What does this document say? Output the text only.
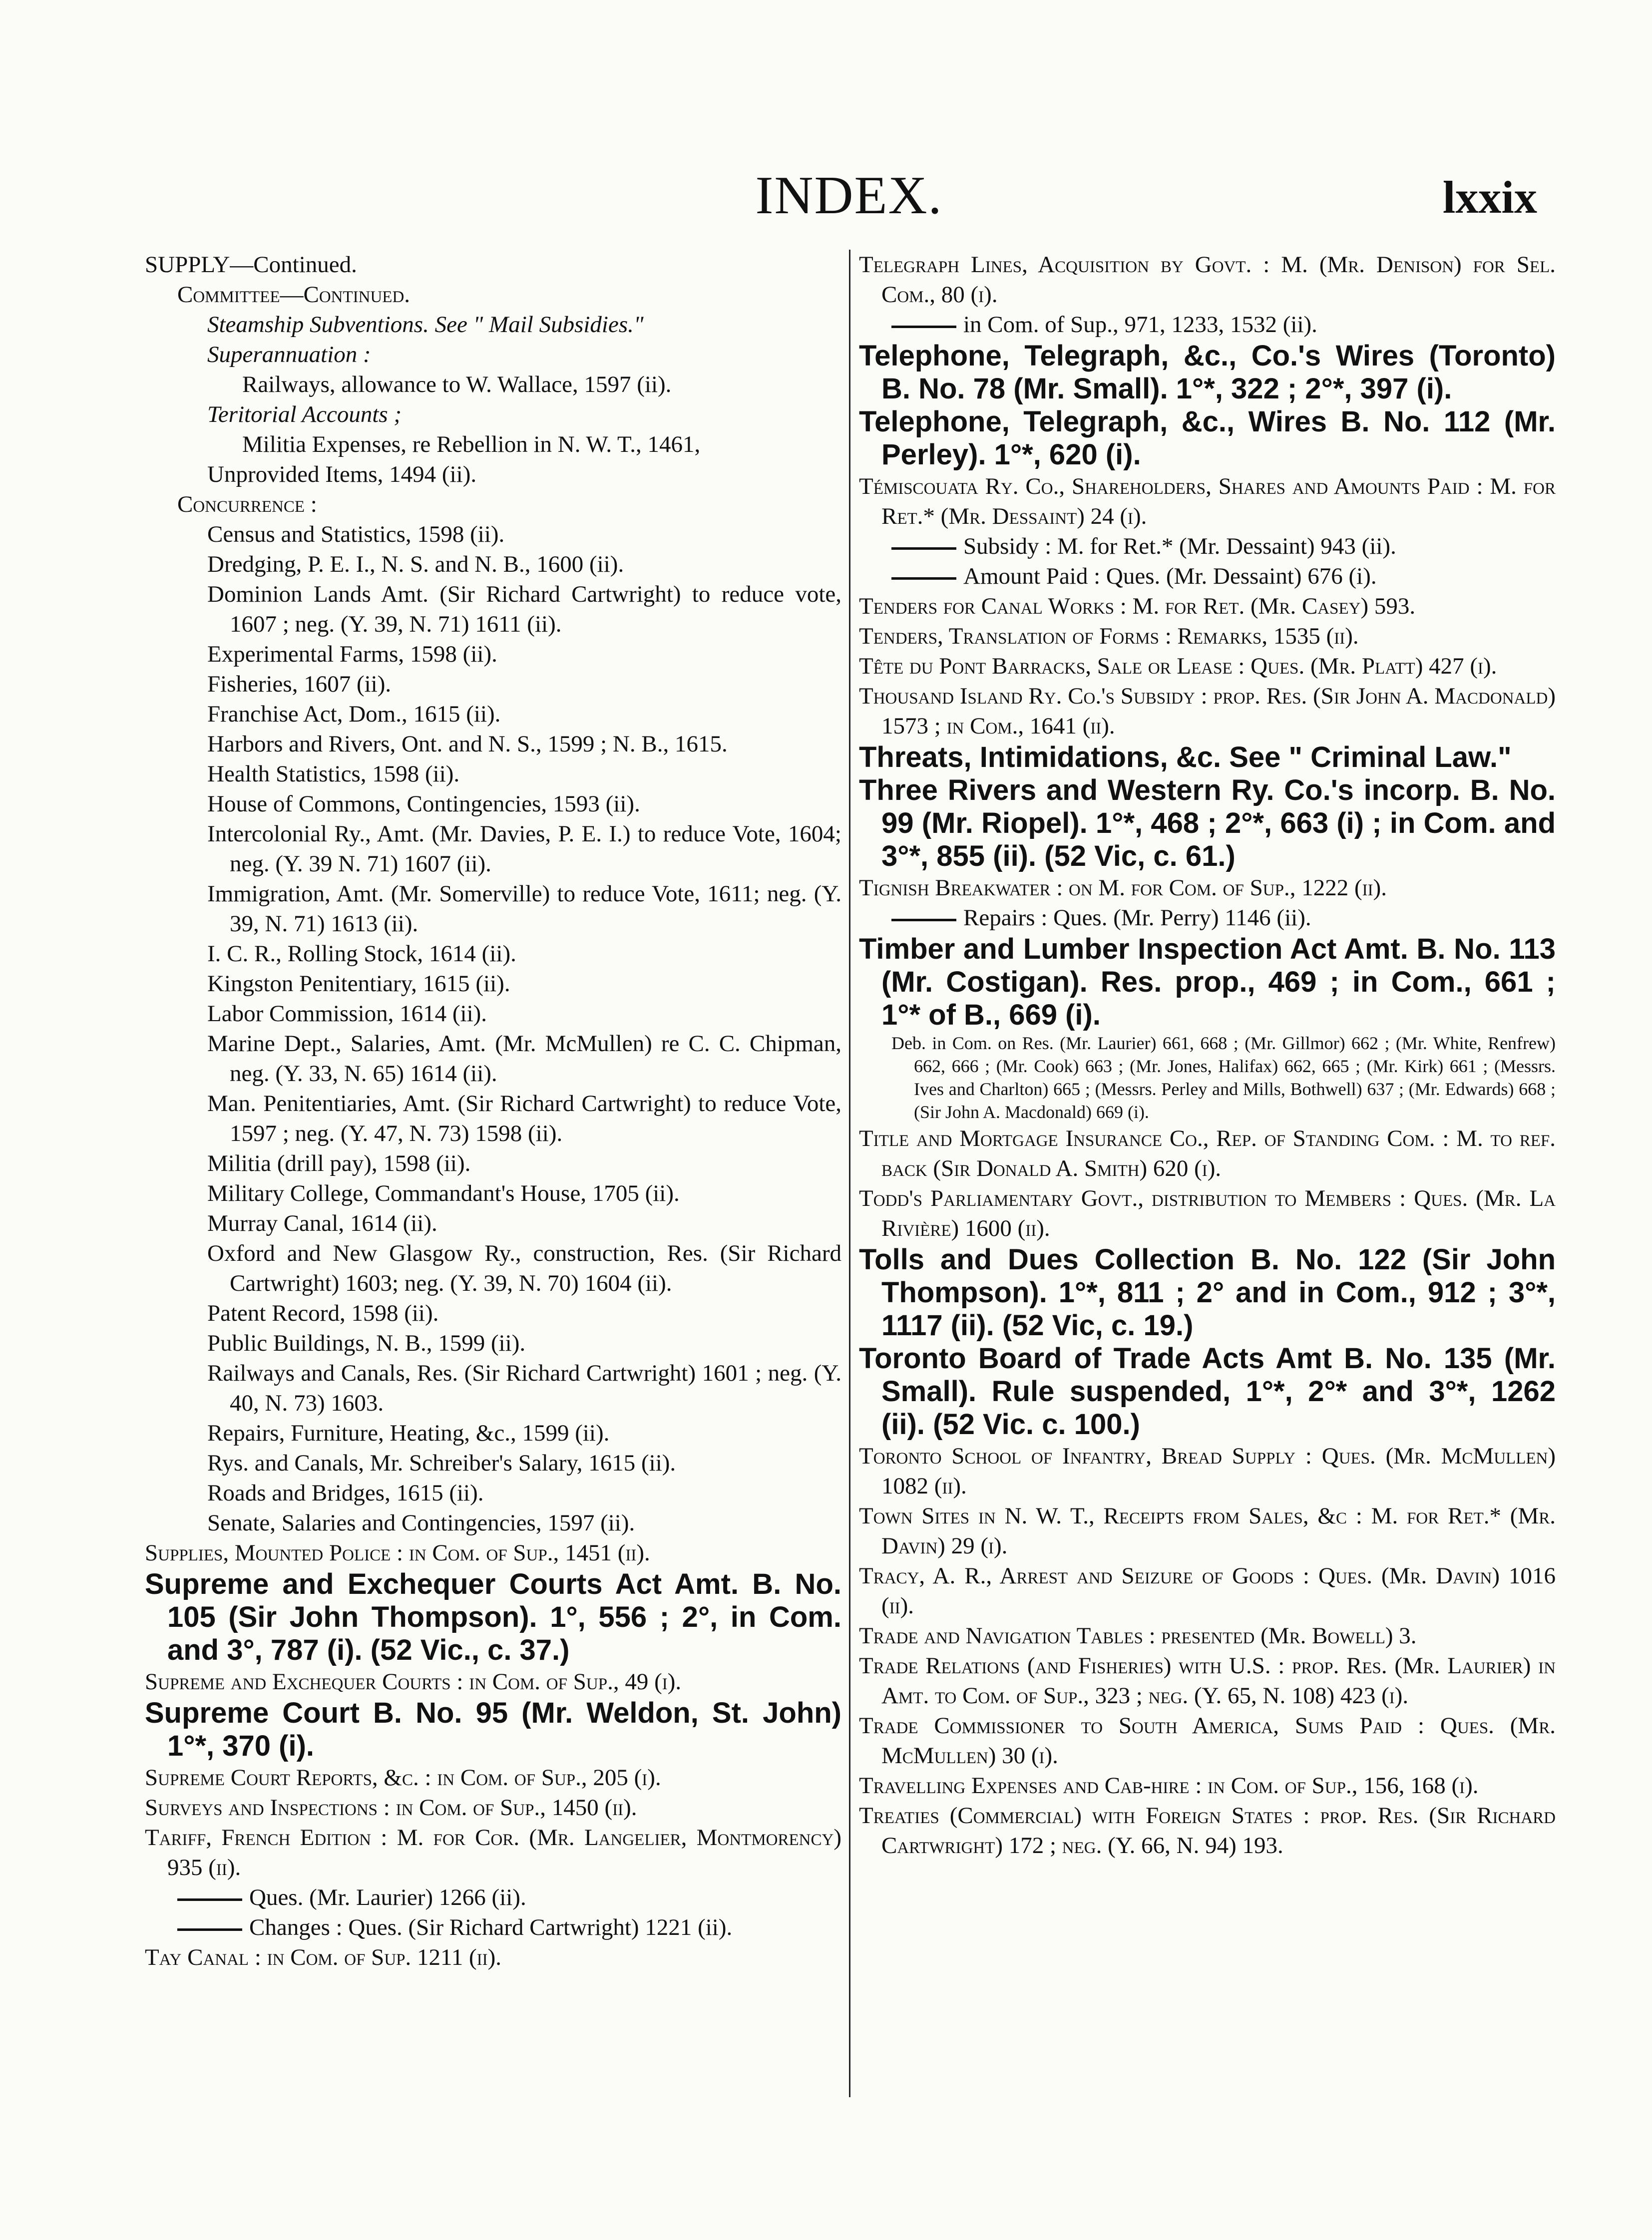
INDEX.	lxxix

SUPPLY—Continued.

Committee—Continued.

Steamship Subventions. See " Mail Subsidies."

Superannuation :

Railways, allowance to W. Wallace, 1597 (ii).

Teritorial Accounts ;

Militia Expenses, re Rebellion in N. W. T., 1461,

Unprovided Items, 1494 (ii).

Concurrence :

Census and Statistics, 1598 (ii).

Dredging, P. E. I., N. S. and N. B., 1600 (ii).

Dominion Lands Amt. (Sir Richard Cartwright) to reduce vote, 1607 ; neg. (Y. 39, N. 71) 1611 (ii).

Experimental Farms, 1598 (ii).

Fisheries, 1607 (ii).

Franchise Act, Dom., 1615 (ii).

Harbors and Rivers, Ont. and N. S., 1599 ; N. B., 1615.

Health Statistics, 1598 (ii).

House of Commons, Contingencies, 1593 (ii).

Intercolonial Ry., Amt. (Mr. Davies, P. E. I.) to reduce Vote, 1604; neg. (Y. 39 N. 71) 1607 (ii).

Immigration, Amt. (Mr. Somerville) to reduce Vote, 1611; neg. (Y. 39, N. 71) 1613 (ii).

I. C. R., Rolling Stock, 1614 (ii).

Kingston Penitentiary, 1615 (ii).

Labor Commission, 1614 (ii).

Marine Dept., Salaries, Amt. (Mr. McMullen) re C. C. Chipman, neg. (Y. 33, N. 65) 1614 (ii).

Man. Penitentiaries, Amt. (Sir Richard Cartwright) to reduce Vote, 1597 ; neg. (Y. 47, N. 73) 1598 (ii).

Militia (drill pay), 1598 (ii).

Military College, Commandant's House, 1705 (ii).

Murray Canal, 1614 (ii).

Oxford and New Glasgow Ry., construction, Res. (Sir Richard Cartwright) 1603; neg. (Y. 39, N. 70) 1604 (ii).

Patent Record, 1598 (ii).

Public Buildings, N. B., 1599 (ii).

Railways and Canals, Res. (Sir Richard Cartwright) 1601 ; neg. (Y. 40, N. 73) 1603.

Repairs, Furniture, Heating, &c., 1599 (ii).

Rys. and Canals, Mr. Schreiber's Salary, 1615 (ii).

Roads and Bridges, 1615 (ii).

Senate, Salaries and Contingencies, 1597 (ii).

Supplies, Mounted Police : in Com. of Sup., 1451 (ii).

Supreme and Exchequer Courts Act Amt. B. No. 105 (Sir John Thompson). 1°, 556 ; 2°, in Com. and 3°, 787 (i). (52 Vic., c. 37.)

Supreme and Exchequer Courts : in Com. of Sup., 49 (i).

Supreme Court B. No. 95 (Mr. Weldon, St. John) 1°*, 370 (i).

Supreme Court Reports, &c. : in Com. of Sup., 205 (i).

Surveys and Inspections : in Com. of Sup., 1450 (ii).

Tariff, French Edition : M. for Cor. (Mr. Langelier, Montmorency) 935 (ii).

Ques. (Mr. Laurier) 1266 (ii).

Changes : Ques. (Sir Richard Cartwright) 1221 (ii).

Tay Canal : in Com. of Sup. 1211 (ii).

Telegraph Lines, Acquisition by Govt. : M. (Mr. Denison) for Sel. Com., 80 (i).

in Com. of Sup., 971, 1233, 1532 (ii).

Telephone, Telegraph, &c., Co.'s Wires (Toronto) B. No. 78 (Mr. Small). 1°*, 322 ; 2°*, 397 (i).

Telephone, Telegraph, &c., Wires B. No. 112 (Mr. Perley). 1°*, 620 (i).

Témiscouata Ry. Co., Shareholders, Shares and Amounts Paid : M. for Ret.* (Mr. Dessaint) 24 (i).

Subsidy : M. for Ret.* (Mr. Dessaint) 943 (ii).

Amount Paid : Ques. (Mr. Dessaint) 676 (i).

Tenders for Canal Works : M. for Ret. (Mr. Casey) 593.

Tenders, Translation of Forms : Remarks, 1535 (ii).

Tête du Pont Barracks, Sale or Lease : Ques. (Mr. Platt) 427 (i).

Thousand Island Ry. Co.'s Subsidy : prop. Res. (Sir John A. Macdonald) 1573 ; in Com., 1641 (ii).

Threats, Intimidations, &c. See " Criminal Law."

Three Rivers and Western Ry. Co.'s incorp. B. No. 99 (Mr. Riopel). 1°*, 468 ; 2°*, 663 (i) ; in Com. and 3°*, 855 (ii). (52 Vic, c. 61.)

Tignish Breakwater : on M. for Com. of Sup., 1222 (ii).

Repairs : Ques. (Mr. Perry) 1146 (ii).

Timber and Lumber Inspection Act Amt. B. No. 113 (Mr. Costigan). Res. prop., 469 ; in Com., 661 ; 1°* of B., 669 (i).

Deb. in Com. on Res. (Mr. Laurier) 661, 668 ; (Mr. Gillmor) 662 ; (Mr. White, Renfrew) 662, 666 ; (Mr. Cook) 663 ; (Mr. Jones, Halifax) 662, 665 ; (Mr. Kirk) 661 ; (Messrs. Ives and Charlton) 665 ; (Messrs. Perley and Mills, Bothwell) 637 ; (Mr. Edwards) 668 ; (Sir John A. Macdonald) 669 (i).

Title and Mortgage Insurance Co., Rep. of Standing Com. : M. to ref. back (Sir Donald A. Smith) 620 (i).

Todd's Parliamentary Govt., distribution to Members : Ques. (Mr. La Rivière) 1600 (ii).

Tolls and Dues Collection B. No. 122 (Sir John Thompson). 1°*, 811 ; 2° and in Com., 912 ; 3°*, 1117 (ii). (52 Vic, c. 19.)

Toronto Board of Trade Acts Amt B. No. 135 (Mr. Small). Rule suspended, 1°*, 2°* and 3°*, 1262 (ii). (52 Vic. c. 100.)

Toronto School of Infantry, Bread Supply : Ques. (Mr. McMullen) 1082 (ii).

Town Sites in N. W. T., Receipts from Sales, &c : M. for Ret.* (Mr. Davin) 29 (i).

Tracy, A. R., Arrest and Seizure of Goods : Ques. (Mr. Davin) 1016 (ii).

Trade and Navigation Tables : presented (Mr. Bowell) 3.

Trade Relations (and Fisheries) with U.S. : prop. Res. (Mr. Laurier) in Amt. to Com. of Sup., 323 ; neg. (Y. 65, N. 108) 423 (i).

Trade Commissioner to South America, Sums Paid : Ques. (Mr. McMullen) 30 (i).

Travelling Expenses and Cab-hire : in Com. of Sup., 156, 168 (i).

Treaties (Commercial) with Foreign States : prop. Res. (Sir Richard Cartwright) 172 ; neg. (Y. 66, N. 94) 193.
